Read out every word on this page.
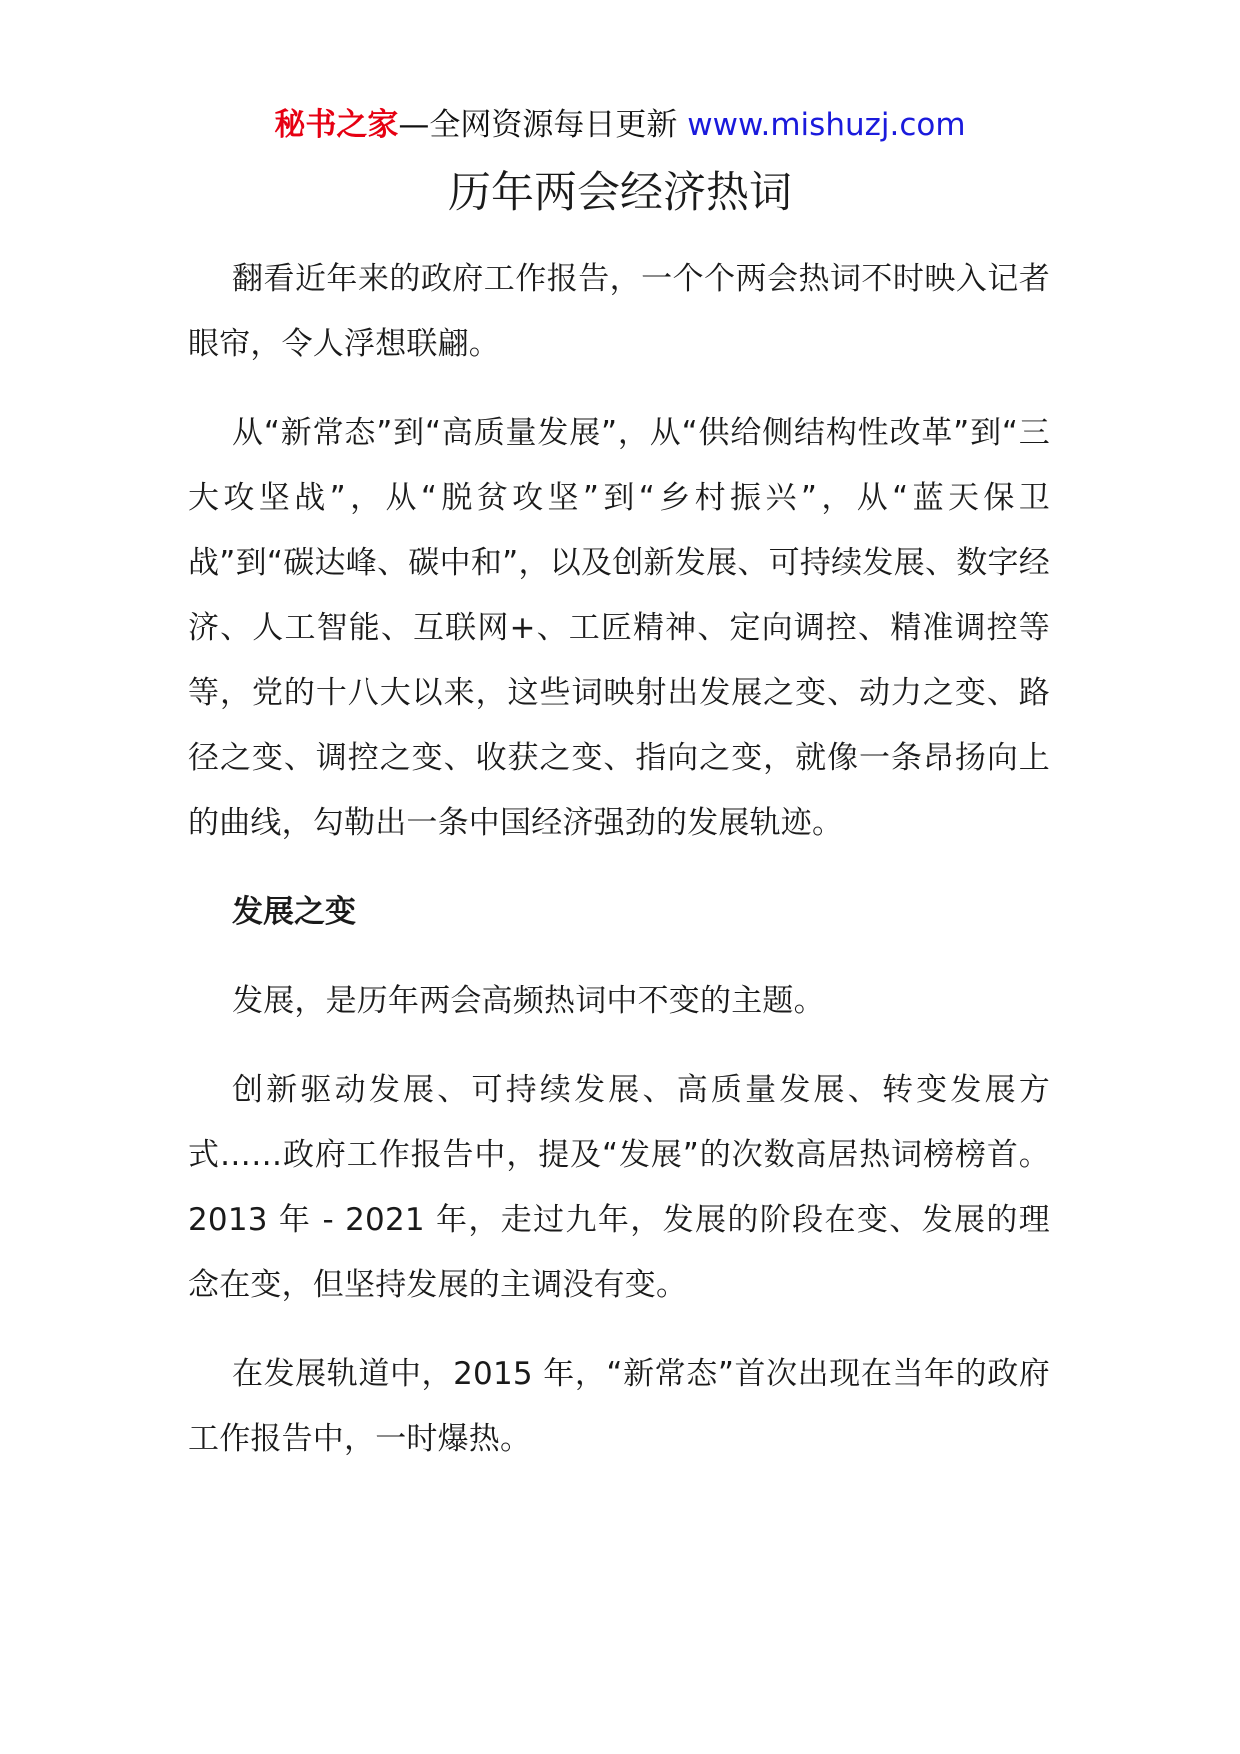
秘书之家—全网资源每日更新 www.mishuzj.com
历年两会经济热词

翻看近年来的政府工作报告，一个个两会热词不时映入记者眼帘，令人浮想联翩。

从“新常态”到“高质量发展”，从“供给侧结构性改革”到“三大攻坚战”，从“脱贫攻坚”到“乡村振兴”，从“蓝天保卫战”到“碳达峰、碳中和”，以及创新发展、可持续发展、数字经济、人工智能、互联网+、工匠精神、定向调控、精准调控等等，党的十八大以来，这些词映射出发展之变、动力之变、路径之变、调控之变、收获之变、指向之变，就像一条昂扬向上的曲线，勾勒出一条中国经济强劲的发展轨迹。

发展之变

发展，是历年两会高频热词中不变的主题。

创新驱动发展、可持续发展、高质量发展、转变发展方式……政府工作报告中，提及“发展”的次数高居热词榜榜首。2013 年 - 2021 年，走过九年，发展的阶段在变、发展的理念在变，但坚持发展的主调没有变。

在发展轨道中，2015 年，“新常态”首次出现在当年的政府工作报告中，一时爆热。
